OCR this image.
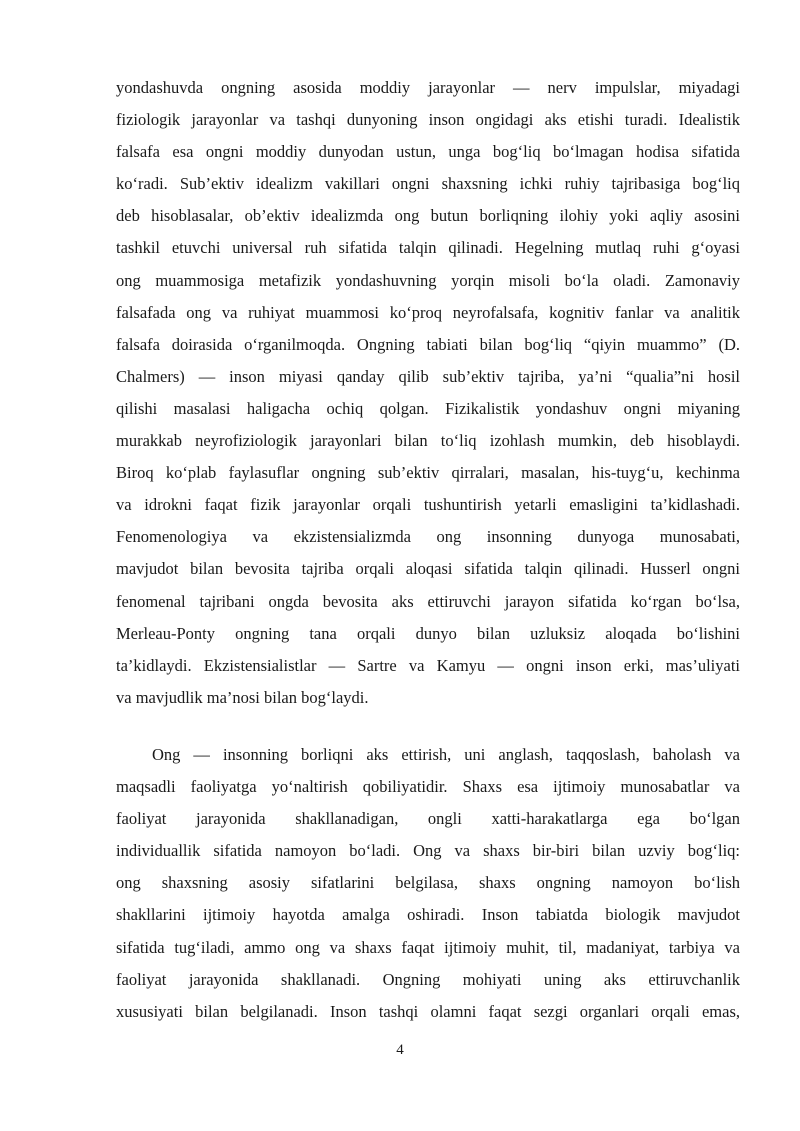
yondashuvda ongning asosida moddiy jarayonlar — nerv impulslar, miyadagi
fiziologik jarayonlar va tashqi dunyoning inson ongidagi aks etishi turadi. Idealistik
falsafa esa ongni moddiy dunyodan ustun, unga bog‘liq bo‘lmagan hodisa sifatida
ko‘radi. Sub’ektiv idealizm vakillari ongni shaxsning ichki ruhiy tajribasiga bog‘liq
deb hisoblasalar, ob’ektiv idealizmda ong butun borliqning ilohiy yoki aqliy asosini
tashkil etuvchi universal ruh sifatida talqin qilinadi. Hegelning mutlaq ruhi g‘oyasi
ong muammosiga metafizik yondashuvning yorqin misoli bo‘la oladi. Zamonaviy
falsafada ong va ruhiyat muammosi ko‘proq neyrofalsafa, kognitiv fanlar va analitik
falsafa doirasida o‘rganilmoqda. Ongning tabiati bilan bog‘liq “qiyin muammo” (D.
Chalmers) — inson miyasi qanday qilib sub’ektiv tajriba, ya’ni “qualia”ni hosil
qilishi masalasi haligacha ochiq qolgan. Fizikalistik yondashuv ongni miyaning
murakkab neyrofiziologik jarayonlari bilan to‘liq izohlash mumkin, deb hisoblaydi.
Biroq ko‘plab faylasuflar ongning sub’ektiv qirralari, masalan, his-tuyg‘u, kechinma
va idrokni faqat fizik jarayonlar orqali tushuntirish yetarli emasligini ta’kidlashadi.
Fenomenologiya va ekzistensializmda ong insonning dunyoga munosabati,
mavjudot bilan bevosita tajriba orqali aloqasi sifatida talqin qilinadi. Husserl ongni
fenomenal tajribani ongda bevosita aks ettiruvchi jarayon sifatida ko‘rgan bo‘lsa,
Merleau-Ponty ongning tana orqali dunyo bilan uzluksiz aloqada bo‘lishini
ta’kidlaydi. Ekzistensialistlar — Sartre va Kamyu — ongni inson erki, mas’uliyati
va mavjudlik ma’nosi bilan bog‘laydi.
Ong — insonning borliqni aks ettirish, uni anglash, taqqoslash, baholash va
maqsadli faoliyatga yo‘naltirish qobiliyatidir. Shaxs esa ijtimoiy munosabatlar va
faoliyat jarayonida shakllanadigan, ongli xatti-harakatlarga ega bo‘lgan
individuallik sifatida namoyon bo‘ladi. Ong va shaxs bir-biri bilan uzviy bog‘liq:
ong shaxsning asosiy sifatlarini belgilasa, shaxs ongning namoyon bo‘lish
shakllarini ijtimoiy hayotda amalga oshiradi. Inson tabiatda biologik mavjudot
sifatida tug‘iladi, ammo ong va shaxs faqat ijtimoiy muhit, til, madaniyat, tarbiya va
faoliyat jarayonida shakllanadi. Ongning mohiyati uning aks ettiruvchanlik
xususiyati bilan belgilanadi. Inson tashqi olamni faqat sezgi organlari orqali emas,
4
